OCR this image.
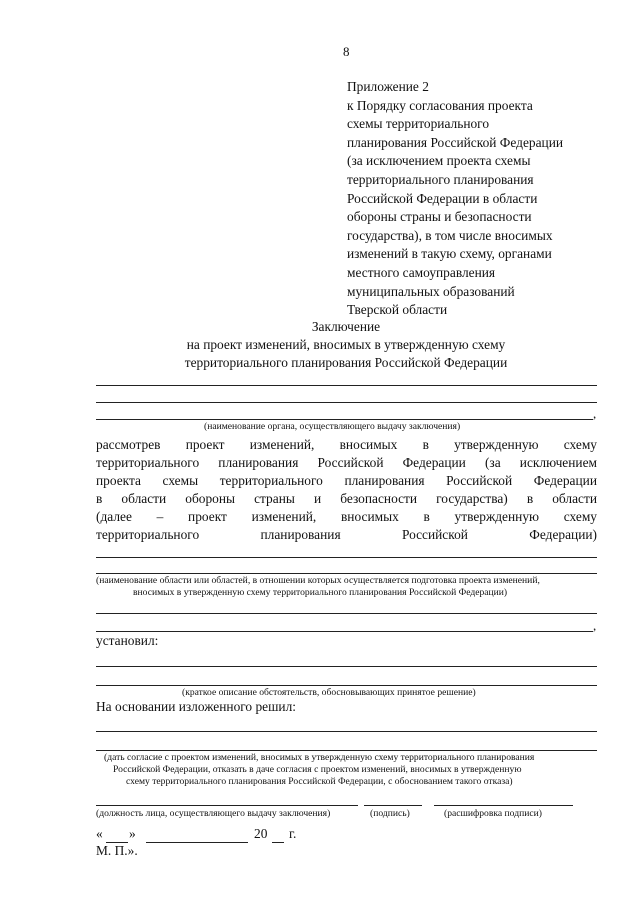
8
Приложение 2
к Порядку согласования проекта
схемы территориального
планирования Российской Федерации
(за исключением проекта схемы
территориального планирования
Российской Федерации в области
обороны страны и безопасности
государства), в том числе вносимых
изменений в такую схему, органами
местного самоуправления
муниципальных образований
Тверской области
Заключение
на проект изменений, вносимых в утвержденную схему
территориального планирования Российской Федерации
,
(наименование органа, осуществляющего выдачу заключения)
рассмотрев проект изменений, вносимых в утвержденную схему
территориального планирования Российской Федерации (за исключением
проекта схемы территориального планирования Российской Федерации
в области обороны страны и безопасности государства) в области
(далее – проект изменений, вносимых в утвержденную схему
территориального планирования Российской Федерации)
(наименование области или областей, в отношении которых осуществляется подготовка проекта изменений,
вносимых в утвержденную схему территориального планирования Российской Федерации)
,
установил:
(краткое описание обстоятельств, обосновывающих принятое решение)
На основании изложенного решил:
(дать согласие с проектом изменений, вносимых в утвержденную схему территориального планирования
Российской Федерации, отказать в даче согласия с проектом изменений, вносимых в утвержденную
схему территориального планирования Российской Федерации, с обоснованием такого отказа)
(должность лица, осуществляющего выдачу заключения)	(подпись)	(расшифровка подписи)
« »	20 г.
М. П.».
